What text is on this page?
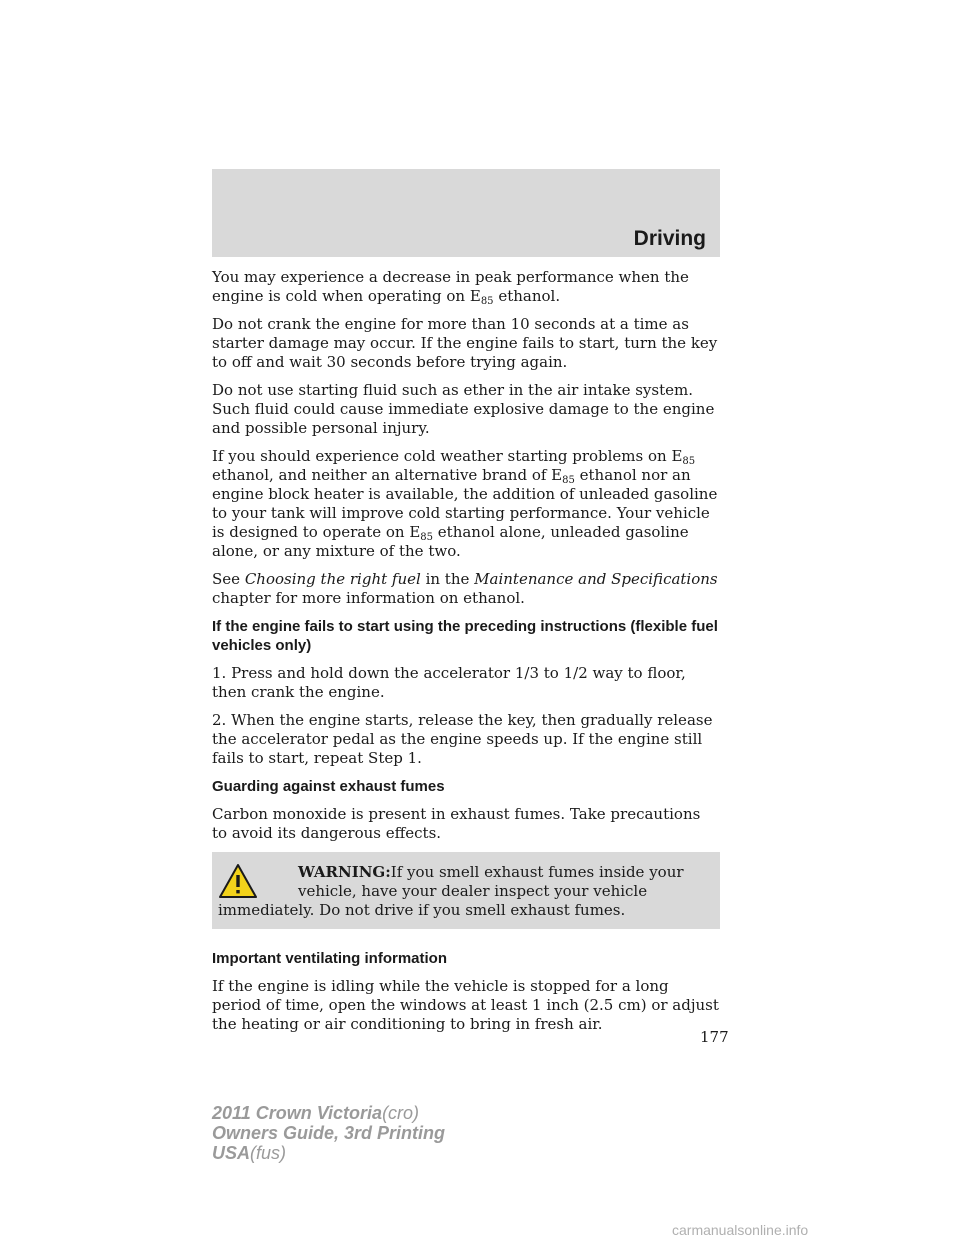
Driving

You may experience a decrease in peak performance when the engine is cold when operating on $E_{85}$ ethanol.

Do not crank the engine for more than 10 seconds at a time as starter damage may occur. If the engine fails to start, turn the key to off and wait 30 seconds before trying again.

Do not use starting fluid such as ether in the air intake system. Such fluid could cause immediate explosive damage to the engine and possible personal injury.

If you should experience cold weather starting problems on $E_{85}$ ethanol, and neither an alternative brand of $E_{85}$ ethanol nor an engine block heater is available, the addition of unleaded gasoline to your tank will improve cold starting performance. Your vehicle is designed to operate on $E_{85}$ ethanol alone, unleaded gasoline alone, or any mixture of the two.

See Choosing the right fuel in the Maintenance and Specifications chapter for more information on ethanol.

If the engine fails to start using the preceding instructions (flexible fuel vehicles only)

1. Press and hold down the accelerator 1/3 to 1/2 way to floor, then crank the engine.

2. When the engine starts, release the key, then gradually release the accelerator pedal as the engine speeds up. If the engine still fails to start, repeat Step 1.

Guarding against exhaust fumes

Carbon monoxide is present in exhaust fumes. Take precautions to avoid its dangerous effects.

WARNING:If you smell exhaust fumes inside your vehicle, have your dealer inspect your vehicle immediately. Do not drive if you smell exhaust fumes.
Important ventilating information

If the engine is idling while the vehicle is stopped for a long period of time, open the windows at least 1 inch (2.5 cm) or adjust the heating or air conditioning to bring in fresh air.

177
2011 Crown Victoria(cro)
Owners Guide, 3rd Printing
USA(fus)
carmanualsonline.info
